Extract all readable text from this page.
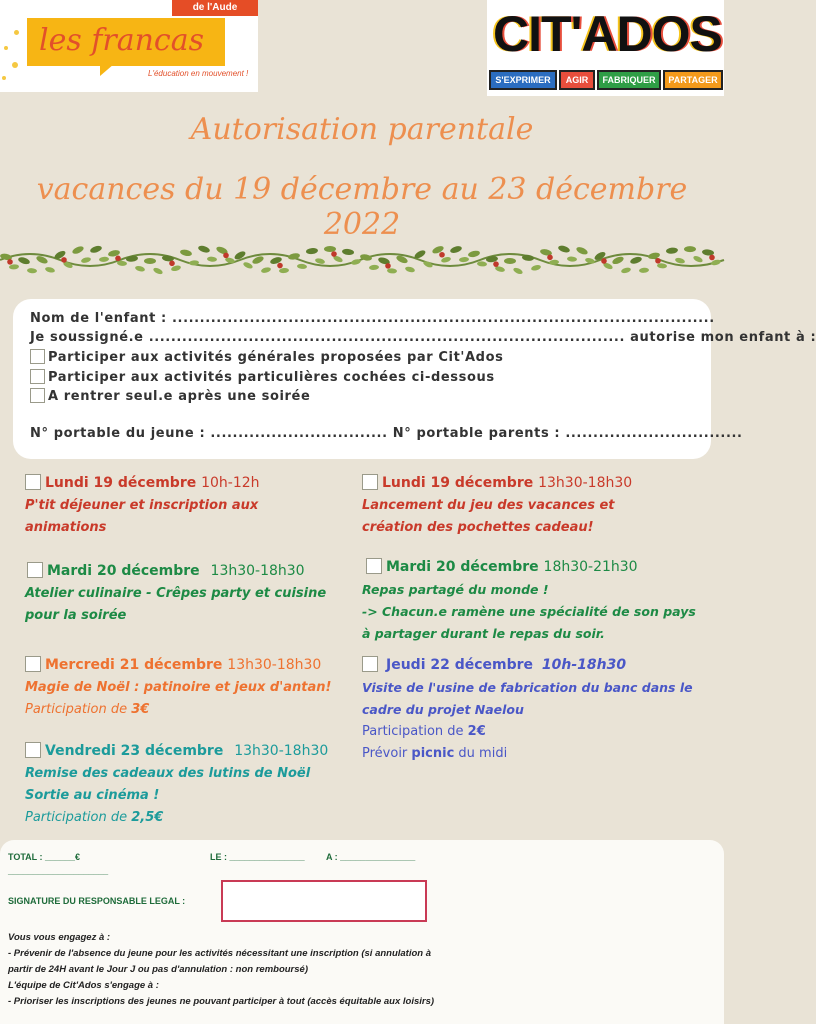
de l'Aude
les francas
L'éducation en mouvement !
CIT'ADOS
S'EXPRIMER	AGIR	FABRIQUER	PARTAGER
Autorisation parentale
vacances du 19 décembre au 23 décembre 2022
Nom de l'enfant : ..................................................................................................
Je soussigné.e ...................................................................................... autorise mon enfant à :
Participer aux activités générales proposées par Cit'Ados
Participer aux activités particulières cochées ci-dessous
A rentrer seul.e après une soirée
N° portable du jeune : ................................ N° portable parents : ................................
Lundi 19 décembre 10h-12h
P'tit déjeuner et inscription aux
animations
Mardi 20 décembre 13h30-18h30
Atelier culinaire - Crêpes party et cuisine
pour la soirée
Mercredi 21 décembre 13h30-18h30
Magie de Noël : patinoire et jeux d'antan!
Participation de 3€
Vendredi 23 décembre 13h30-18h30
Remise des cadeaux des lutins de Noël
Sortie au cinéma !
Participation de 2,5€
Lundi 19 décembre 13h30-18h30
Lancement du jeu des vacances et
création des pochettes cadeau!
Mardi 20 décembre 18h30-21h30
Repas partagé du monde !
-> Chacun.e ramène une spécialité de son pays
à partager durant le repas du soir.
Jeudi 22 décembre 10h-18h30
Visite de l'usine de fabrication du banc dans le
cadre du projet Naelou
Participation de 2€
Prévoir picnic du midi
TOTAL : ______€
____________________
LE : _______________ A : _______________
SIGNATURE DU RESPONSABLE LEGAL :
Vous vous engagez à :
- Prévenir de l'absence du jeune pour les activités nécessitant une inscription (si annulation à
partir de 24H avant le Jour J ou pas d'annulation : non remboursé)
L'équipe de Cit'Ados s'engage à :
- Prioriser les inscriptions des jeunes ne pouvant participer à tout (accès équitable aux loisirs)
